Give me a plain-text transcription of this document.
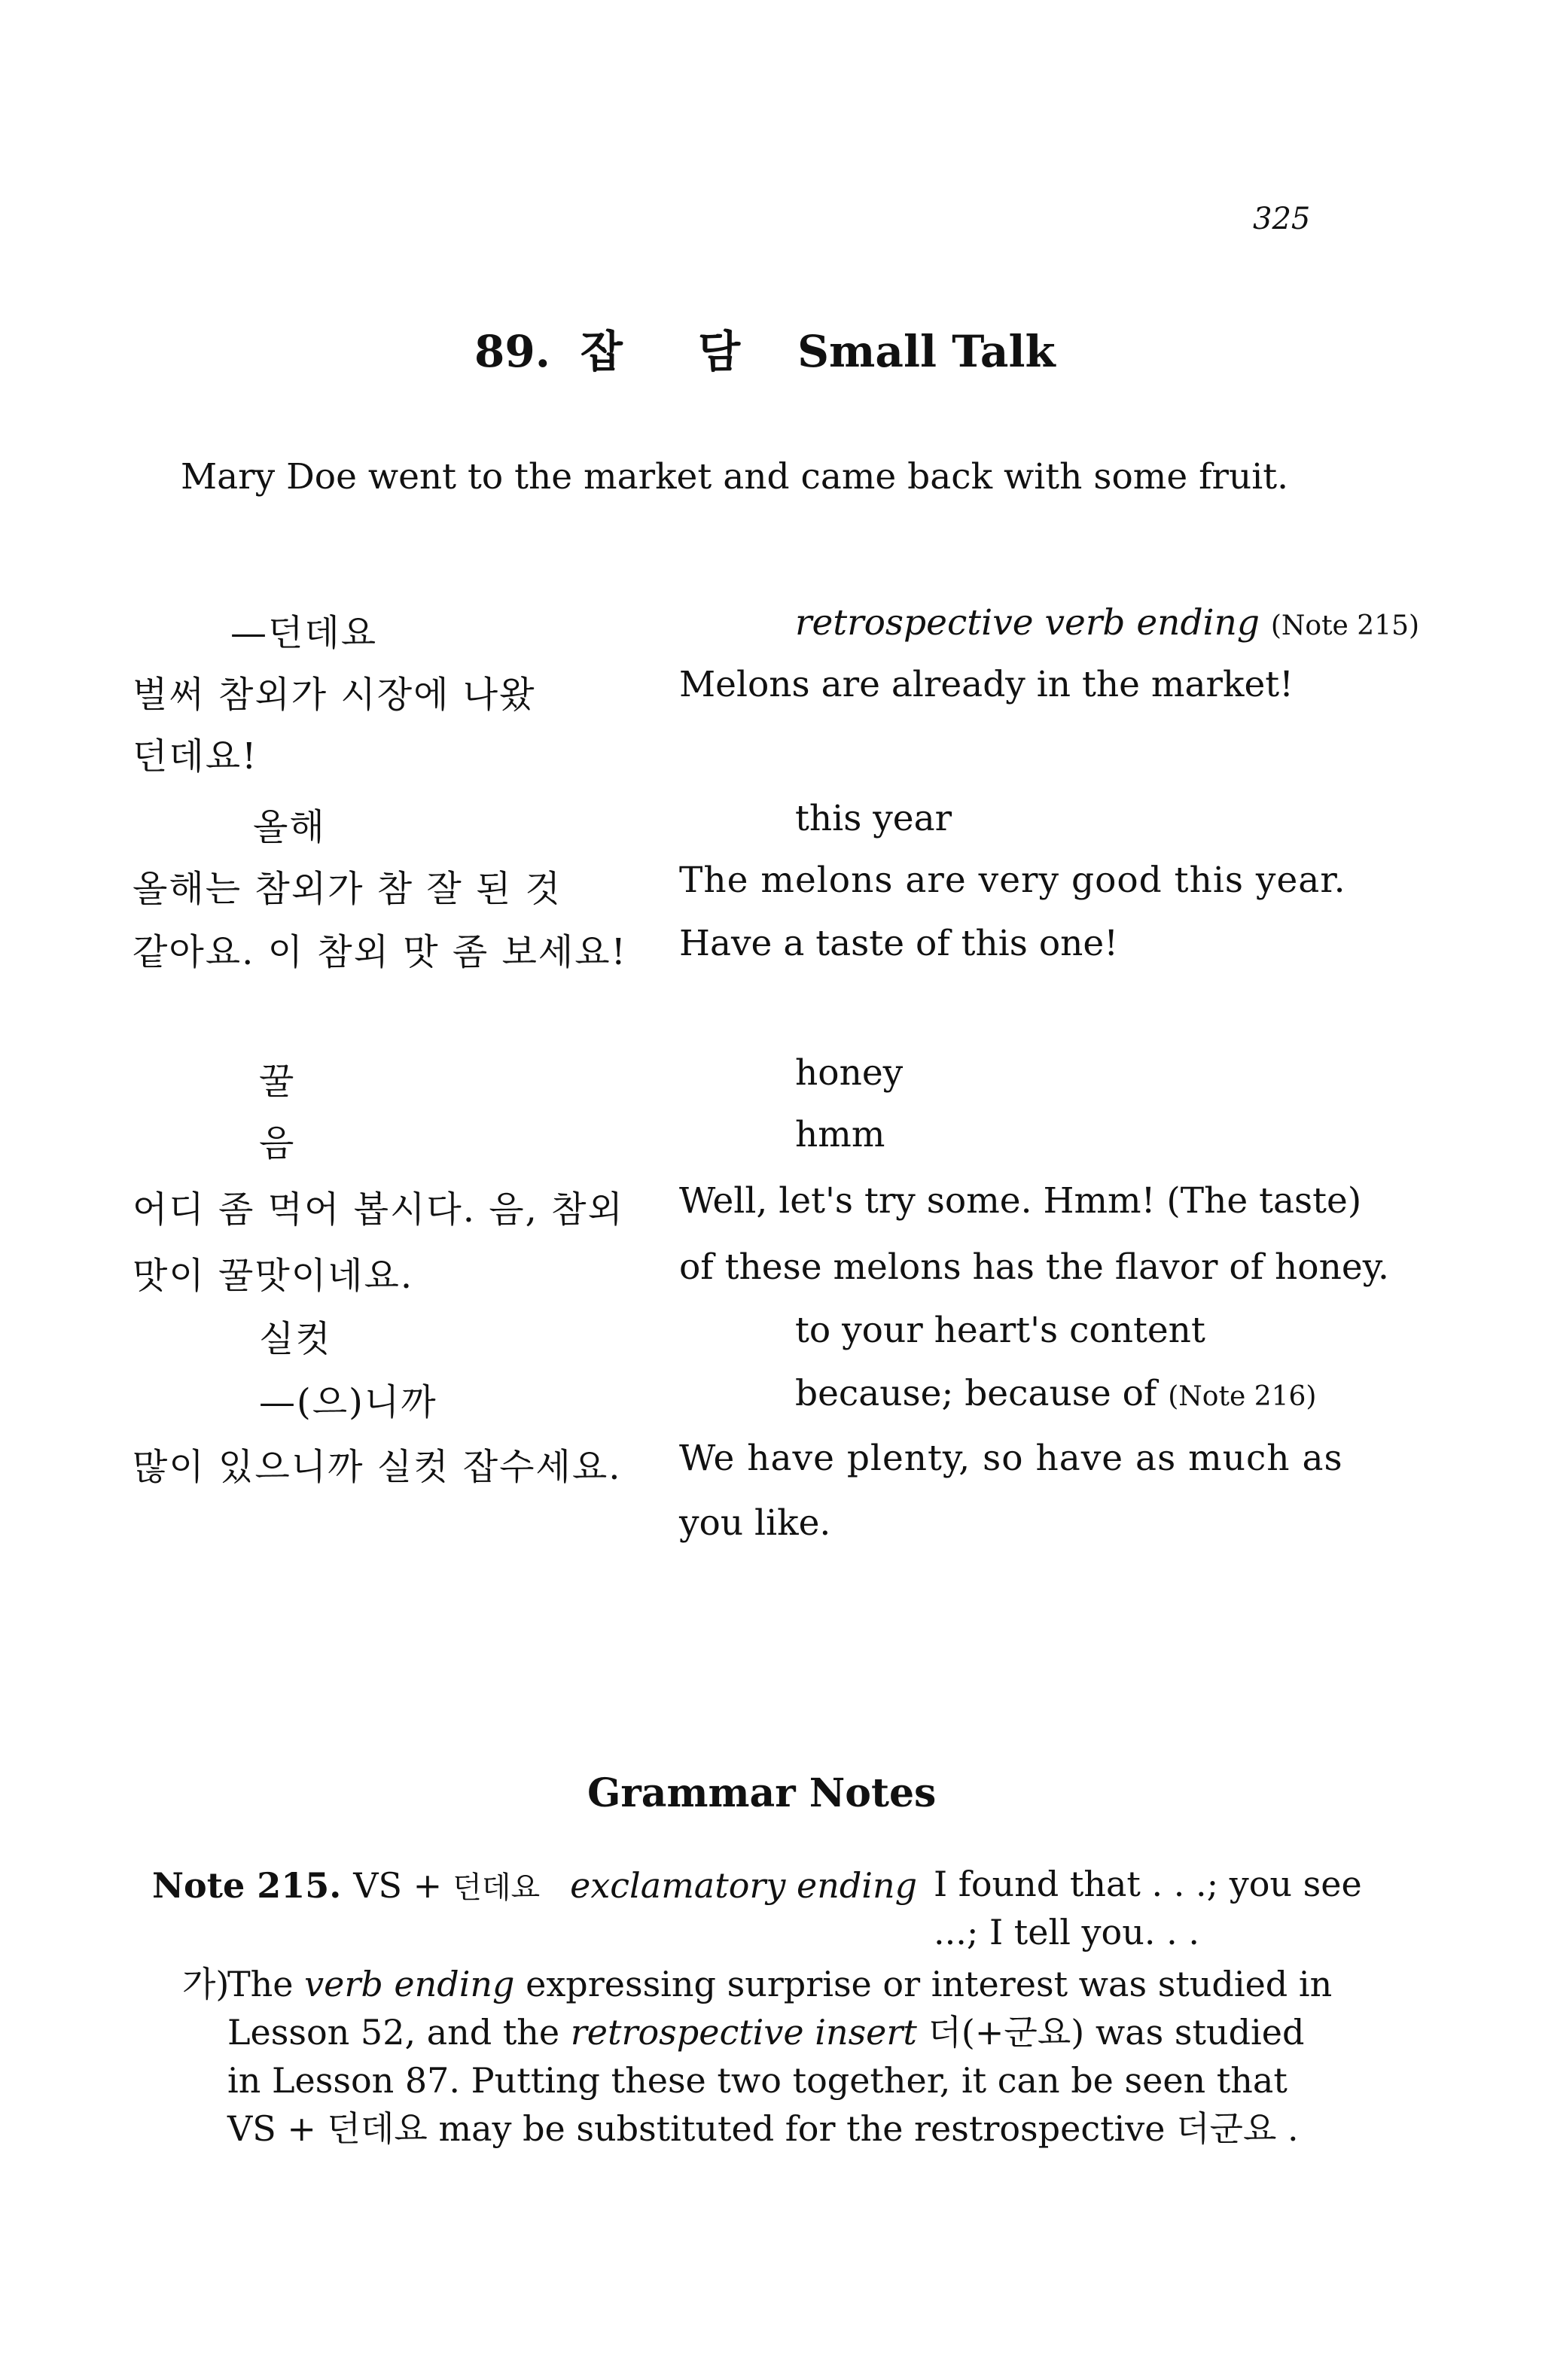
325
89. 잡 담 Small Talk
Mary Doe went to the market and came back with some fruit.
—던데요	retrospective verb ending (Note 215)
벌써 참외가 시장에 나왔	Melons are already in the market!
던데요!
올해	this year
올해는 참외가 참 잘 된 것	The melons are very good this year.
같아요. 이 참외 맛 좀 보세요! Have a taste of this one!
꿀	honey
음	hmm
어디 좀 먹어 봅시다. 음, 참외 Well, let's try some. Hmm! (The taste)
맛이 꿀맛이네요.	of these melons has the flavor of honey.
실컷	to your heart's content
—(으)니까	because; because of (Note 216)
많이 있으니까 실컷 잡수세요. We have plenty, so have as much as
you like.
Grammar Notes
Note 215. VS + 던데요 exclamatory ending I found that . . .; you see
...; I tell you. . .
가)
The verb ending expressing surprise or interest was studied in Lesson 52, and the retrospective insert 더(+군요) was studied in Lesson 87. Putting these two together, it can be seen that VS + 던데요 may be substituted for the restrospective 더군요 .
